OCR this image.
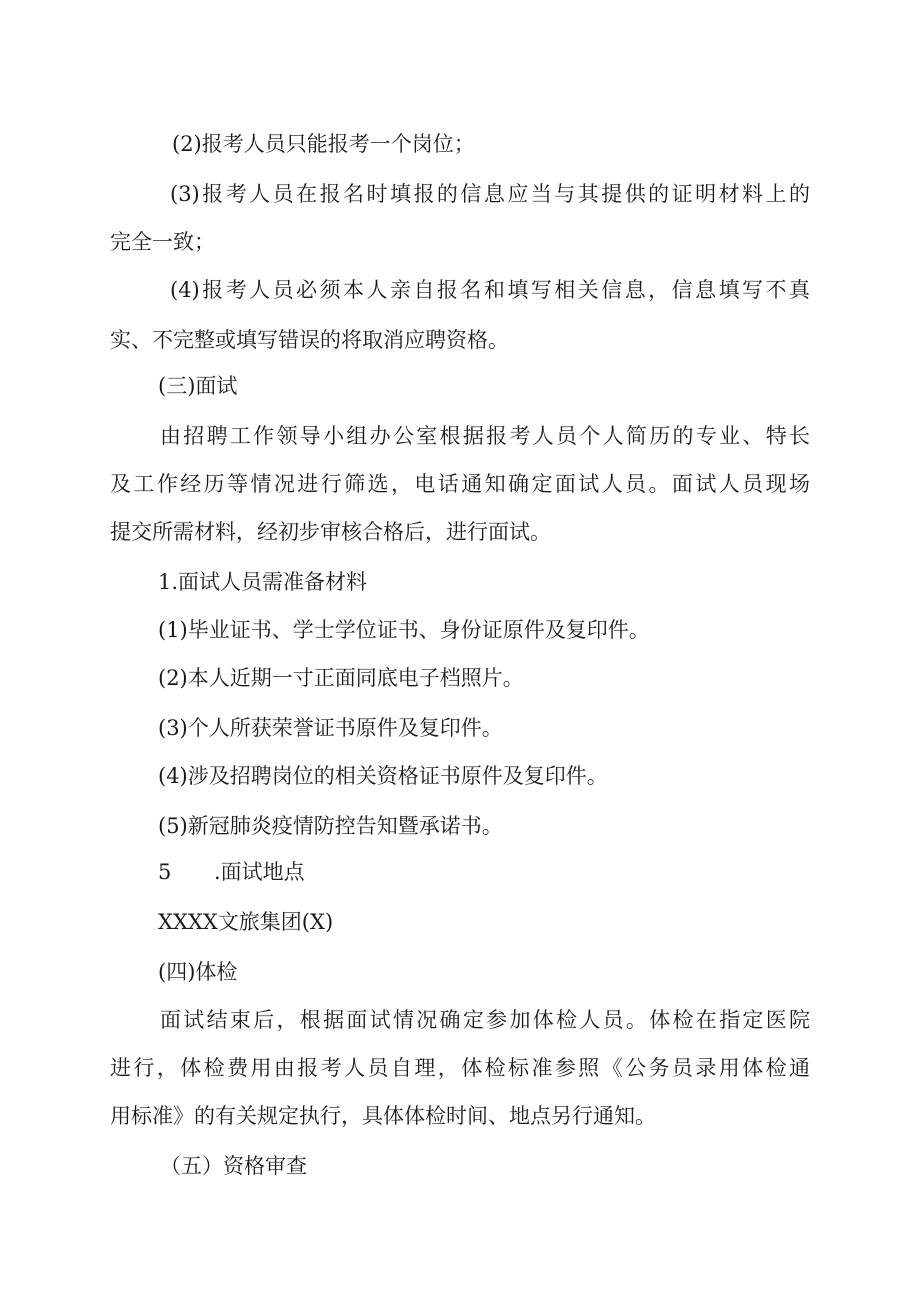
(2)报考人员只能报考一个岗位；

(3)报考人员在报名时填报的信息应当与其提供的证明材料上的

完全一致；

(4)报考人员必须本人亲自报名和填写相关信息，信息填写不真

实、不完整或填写错误的将取消应聘资格。

(三)面试

由招聘工作领导小组办公室根据报考人员个人简历的专业、特长

及工作经历等情况进行筛选，电话通知确定面试人员。面试人员现场

提交所需材料，经初步审核合格后，进行面试。

1.面试人员需准备材料

(1)毕业证书、学士学位证书、身份证原件及复印件。

(2)本人近期一寸正面同底电子档照片。

(3)个人所获荣誉证书原件及复印件。

(4)涉及招聘岗位的相关资格证书原件及复印件。

(5)新冠肺炎疫情防控告知暨承诺书。

5 .面试地点

XXXX文旅集团(X)

(四)体检

面试结束后，根据面试情况确定参加体检人员。体检在指定医院

进行，体检费用由报考人员自理，体检标准参照《公务员录用体检通

用标准》的有关规定执行，具体体检时间、地点另行通知。

（五）资格审查
